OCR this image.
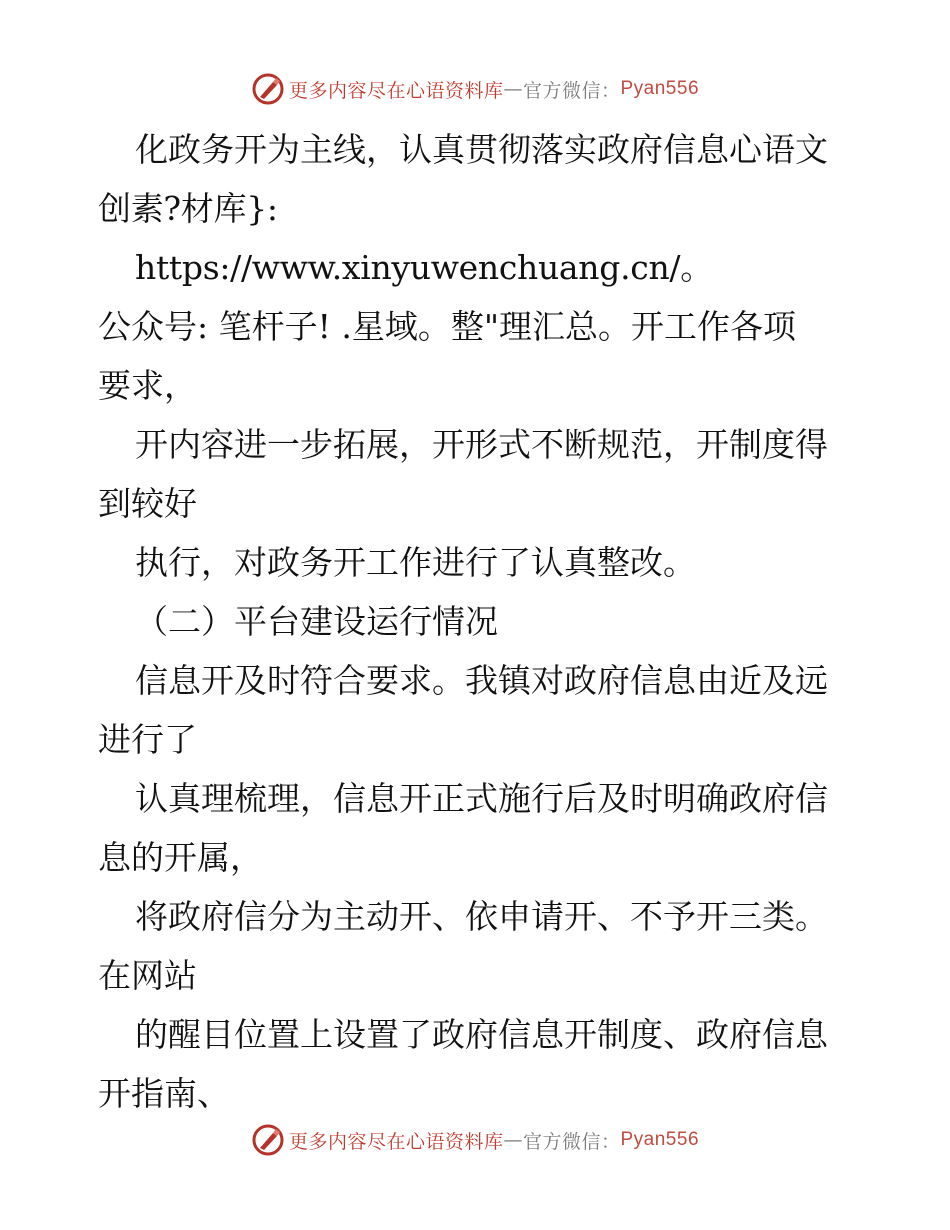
更多内容尽在心语资料库 — 官方微信： Pyan556

化政务开为主线，认真贯彻落实政府信息心语文
创素?材库}: https://www.xinyuwenchuang.cn/。
公众号: 笔杆子! .星域。整"理汇总。开工作各项
要求，

开内容进一步拓展，开形式不断规范，开制度得
到较好

执行，对政务开工作进行了认真整改。

（二）平台建设运行情况

信息开及时符合要求。我镇对政府信息由近及远
进行了

认真理梳理，信息开正式施行后及时明确政府信
息的开属，

将政府信分为主动开、依申请开、不予开三类。
在网站

的醒目位置上设置了政府信息开制度、政府信息
开指南、

更多内容尽在心语资料库 — 官方微信： Pyan556
